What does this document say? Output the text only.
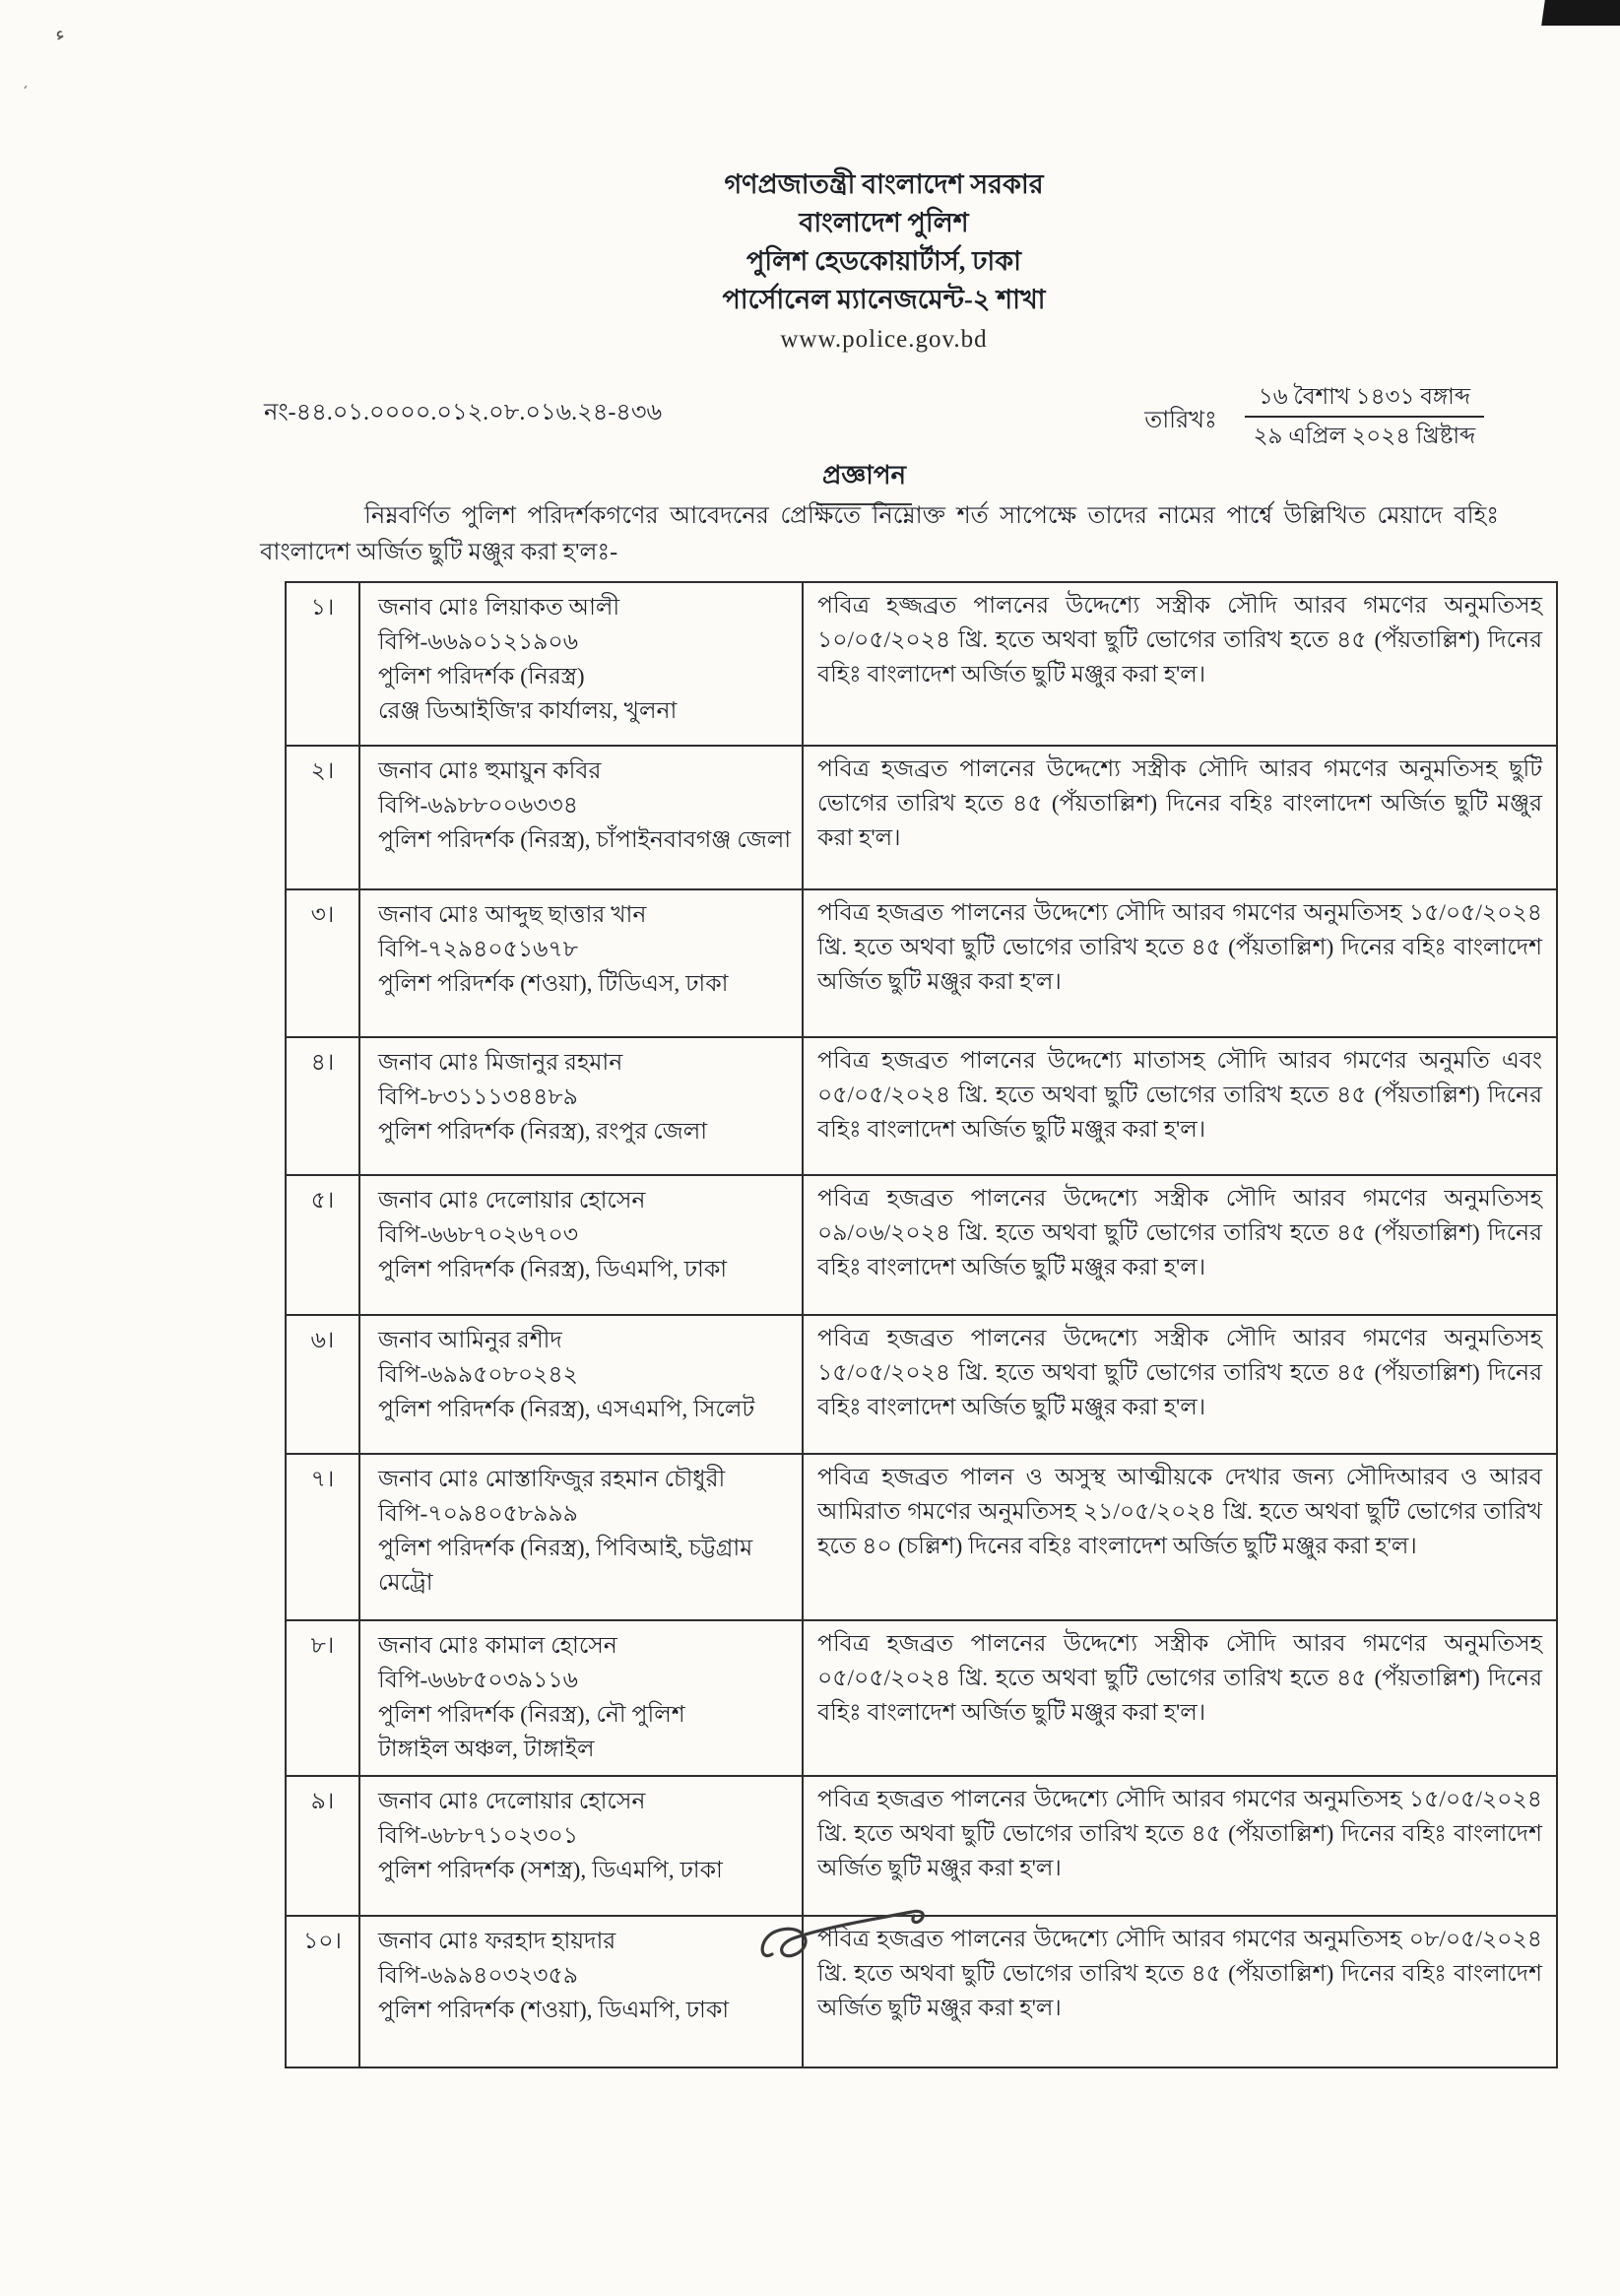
ء
،
গণপ্রজাতন্ত্রী বাংলাদেশ সরকার
বাংলাদেশ পুলিশ
পুলিশ হেডকোয়ার্টার্স, ঢাকা
পার্সোনেল ম্যানেজমেন্ট-২ শাখা
www.police.gov.bd
নং-৪৪.০১.০০০০.০১২.০৮.০১৬.২৪-৪৩৬	তারিখঃ
১৬ বৈশাখ ১৪৩১ বঙ্গাব্দ
২৯ এপ্রিল ২০২৪ খ্রিষ্টাব্দ
প্রজ্ঞাপন
নিম্নবর্ণিত পুলিশ পরিদর্শকগণের আবেদনের প্রেক্ষিতে নিম্নোক্ত শর্ত সাপেক্ষে তাদের নামের পার্শ্বে উল্লিখিত মেয়াদে বহিঃ বাংলাদেশ অর্জিত ছুটি মঞ্জুর করা হ'লঃ-
১।	জনাব মোঃ লিয়াকত আলী
বিপি-৬৬৯০১২১৯০৬
পুলিশ পরিদর্শক (নিরস্ত্র)
রেঞ্জ ডিআইজি'র কার্যালয়, খুলনা	পবিত্র হজ্জব্রত পালনের উদ্দেশ্যে সস্ত্রীক সৌদি আরব গমণের অনুমতিসহ ১০/০৫/২০২৪ খ্রি. হতে অথবা ছুটি ভোগের তারিখ হতে ৪৫ (পঁয়তাল্লিশ) দিনের বহিঃ বাংলাদেশ অর্জিত ছুটি মঞ্জুর করা হ'ল।
২।	জনাব মোঃ হুমায়ুন কবির
বিপি-৬৯৮৮০০৬৩৩৪
পুলিশ পরিদর্শক (নিরস্ত্র), চাঁপাইনবাবগঞ্জ জেলা	পবিত্র হজব্রত পালনের উদ্দেশ্যে সস্ত্রীক সৌদি আরব গমণের অনুমতিসহ ছুটি ভোগের তারিখ হতে ৪৫ (পঁয়তাল্লিশ) দিনের বহিঃ বাংলাদেশ অর্জিত ছুটি মঞ্জুর করা হ'ল।
৩।	জনাব মোঃ আব্দুছ ছাত্তার খান
বিপি-৭২৯৪০৫১৬৭৮
পুলিশ পরিদর্শক (শওয়া), টিডিএস, ঢাকা	পবিত্র হজব্রত পালনের উদ্দেশ্যে সৌদি আরব গমণের অনুমতিসহ ১৫/০৫/২০২৪ খ্রি. হতে অথবা ছুটি ভোগের তারিখ হতে ৪৫ (পঁয়তাল্লিশ) দিনের বহিঃ বাংলাদেশ অর্জিত ছুটি মঞ্জুর করা হ'ল।
৪।	জনাব মোঃ মিজানুর রহমান
বিপি-৮৩১১১৩৪৪৮৯
পুলিশ পরিদর্শক (নিরস্ত্র), রংপুর জেলা	পবিত্র হজব্রত পালনের উদ্দেশ্যে মাতাসহ সৌদি আরব গমণের অনুমতি এবং ০৫/০৫/২০২৪ খ্রি. হতে অথবা ছুটি ভোগের তারিখ হতে ৪৫ (পঁয়তাল্লিশ) দিনের বহিঃ বাংলাদেশ অর্জিত ছুটি মঞ্জুর করা হ'ল।
৫।	জনাব মোঃ দেলোয়ার হোসেন
বিপি-৬৬৮৭০২৬৭০৩
পুলিশ পরিদর্শক (নিরস্ত্র), ডিএমপি, ঢাকা	পবিত্র হজব্রত পালনের উদ্দেশ্যে সস্ত্রীক সৌদি আরব গমণের অনুমতিসহ ০৯/০৬/২০২৪ খ্রি. হতে অথবা ছুটি ভোগের তারিখ হতে ৪৫ (পঁয়তাল্লিশ) দিনের বহিঃ বাংলাদেশ অর্জিত ছুটি মঞ্জুর করা হ'ল।
৬।	জনাব আমিনুর রশীদ
বিপি-৬৯৯৫০৮০২৪২
পুলিশ পরিদর্শক (নিরস্ত্র), এসএমপি, সিলেট	পবিত্র হজব্রত পালনের উদ্দেশ্যে সস্ত্রীক সৌদি আরব গমণের অনুমতিসহ ১৫/০৫/২০২৪ খ্রি. হতে অথবা ছুটি ভোগের তারিখ হতে ৪৫ (পঁয়তাল্লিশ) দিনের বহিঃ বাংলাদেশ অর্জিত ছুটি মঞ্জুর করা হ'ল।
৭।	জনাব মোঃ মোস্তাফিজুর রহমান চৌধুরী
বিপি-৭০৯৪০৫৮৯৯৯
পুলিশ পরিদর্শক (নিরস্ত্র), পিবিআই, চট্টগ্রাম মেট্রো	পবিত্র হজব্রত পালন ও অসুস্থ আত্মীয়কে দেখার জন্য সৌদিআরব ও আরব আমিরাত গমণের অনুমতিসহ ২১/০৫/২০২৪ খ্রি. হতে অথবা ছুটি ভোগের তারিখ হতে ৪০ (চল্লিশ) দিনের বহিঃ বাংলাদেশ অর্জিত ছুটি মঞ্জুর করা হ'ল।
৮।	জনাব মোঃ কামাল হোসেন
বিপি-৬৬৮৫০৩৯১১৬
পুলিশ পরিদর্শক (নিরস্ত্র), নৌ পুলিশ
টাঙ্গাইল অঞ্চল, টাঙ্গাইল	পবিত্র হজব্রত পালনের উদ্দেশ্যে সস্ত্রীক সৌদি আরব গমণের অনুমতিসহ ০৫/০৫/২০২৪ খ্রি. হতে অথবা ছুটি ভোগের তারিখ হতে ৪৫ (পঁয়তাল্লিশ) দিনের বহিঃ বাংলাদেশ অর্জিত ছুটি মঞ্জুর করা হ'ল।
৯।	জনাব মোঃ দেলোয়ার হোসেন
বিপি-৬৮৮৭১০২৩০১
পুলিশ পরিদর্শক (সশস্ত্র), ডিএমপি, ঢাকা	পবিত্র হজব্রত পালনের উদ্দেশ্যে সৌদি আরব গমণের অনুমতিসহ ১৫/০৫/২০২৪ খ্রি. হতে অথবা ছুটি ভোগের তারিখ হতে ৪৫ (পঁয়তাল্লিশ) দিনের বহিঃ বাংলাদেশ অর্জিত ছুটি মঞ্জুর করা হ'ল।
১০।	জনাব মোঃ ফরহাদ হায়দার
বিপি-৬৯৯৪০৩২৩৫৯
পুলিশ পরিদর্শক (শওয়া), ডিএমপি, ঢাকা	পবিত্র হজব্রত পালনের উদ্দেশ্যে সৌদি আরব গমণের অনুমতিসহ ০৮/০৫/২০২৪ খ্রি. হতে অথবা ছুটি ভোগের তারিখ হতে ৪৫ (পঁয়তাল্লিশ) দিনের বহিঃ বাংলাদেশ অর্জিত ছুটি মঞ্জুর করা হ'ল।
